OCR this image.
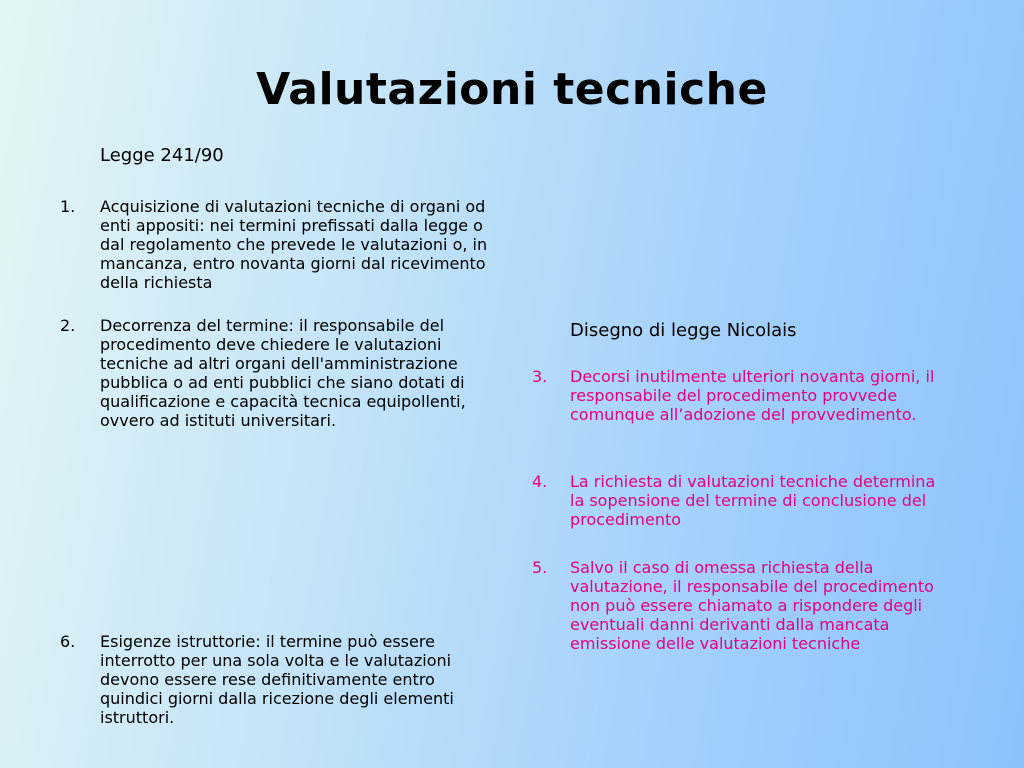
Valutazioni tecniche
Legge 241/90
1. Acquisizione di valutazioni tecniche di organi od enti appositi: nei termini prefissati dalla legge o dal regolamento che prevede le valutazioni o, in mancanza, entro novanta giorni dal ricevimento della richiesta
2. Decorrenza del termine: il responsabile del procedimento deve chiedere le valutazioni tecniche ad altri organi dell'amministrazione pubblica o ad enti pubblici che siano dotati di qualificazione e capacità tecnica equipollenti, ovvero ad istituti universitari.
6. Esigenze istruttorie: il termine può essere interrotto per una sola volta e le valutazioni devono essere rese definitivamente entro quindici giorni dalla ricezione degli elementi istruttori.
Disegno di legge Nicolais
3. Decorsi inutilmente ulteriori novanta giorni, il responsabile del procedimento provvede comunque all’adozione del provvedimento.
4. La richiesta di valutazioni tecniche determina la sopensione del termine di conclusione del procedimento
5. Salvo il caso di omessa richiesta della valutazione, il responsabile del procedimento non può essere chiamato a rispondere degli eventuali danni derivanti dalla mancata emissione delle valutazioni tecniche
